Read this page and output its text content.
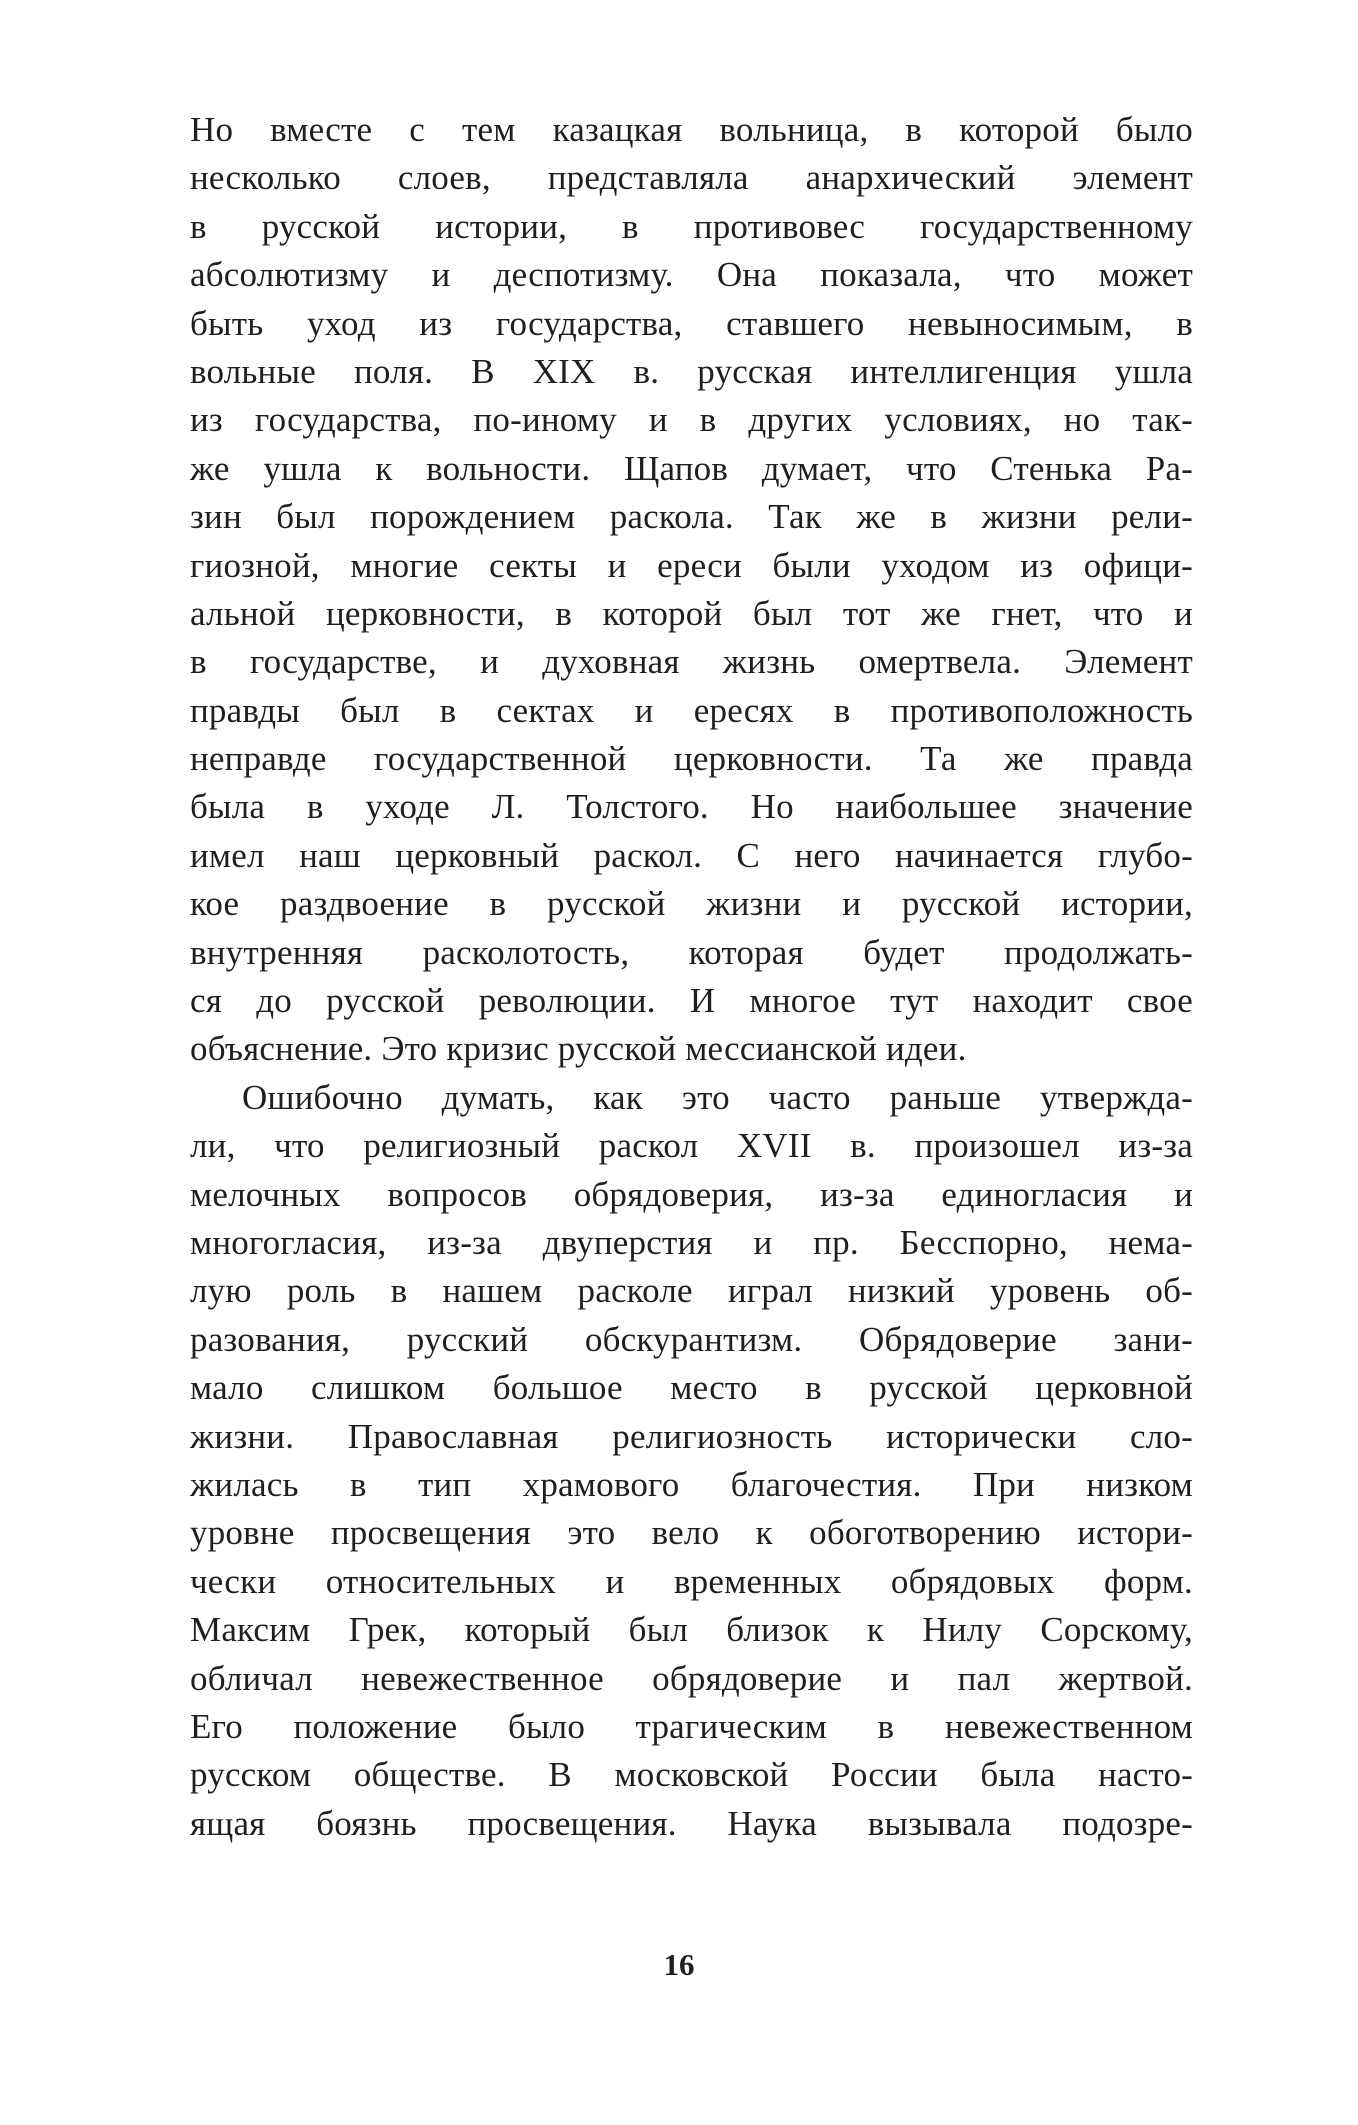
Но вместе с тем казацкая вольница, в которой было
несколько слоев, представляла анархический элемент
в русской истории, в противовес государственному
абсолютизму и деспотизму. Она показала, что может
быть уход из государства, ставшего невыносимым, в
вольные поля. В XIX в. русская интеллигенция ушла
из государства, по-иному и в других условиях, но так-
же ушла к вольности. Щапов думает, что Стенька Ра-
зин был порождением раскола. Так же в жизни рели-
гиозной, многие секты и ереси были уходом из офици-
альной церковности, в которой был тот же гнет, что и
в государстве, и духовная жизнь омертвела. Элемент
правды был в сектах и ересях в противоположность
неправде государственной церковности. Та же правда
была в уходе Л. Толстого. Но наибольшее значение
имел наш церковный раскол. С него начинается глубо-
кое раздвоение в русской жизни и русской истории,
внутренняя расколотость, которая будет продолжать-
ся до русской революции. И многое тут находит свое
объяснение. Это кризис русской мессианской идеи.
Ошибочно думать, как это часто раньше утвержда-
ли, что религиозный раскол XVII в. произошел из-за
мелочных вопросов обрядоверия, из-за единогласия и
многогласия, из-за двуперстия и пр. Бесспорно, нема-
лую роль в нашем расколе играл низкий уровень об-
разования, русский обскурантизм. Обрядоверие зани-
мало слишком большое место в русской церковной
жизни. Православная религиозность исторически сло-
жилась в тип храмового благочестия. При низком
уровне просвещения это вело к обоготворению истори-
чески относительных и временных обрядовых форм.
Максим Грек, который был близок к Нилу Сорскому,
обличал невежественное обрядоверие и пал жертвой.
Его положение было трагическим в невежественном
русском обществе. В московской России была насто-
ящая боязнь просвещения. Наука вызывала подозре-
16
